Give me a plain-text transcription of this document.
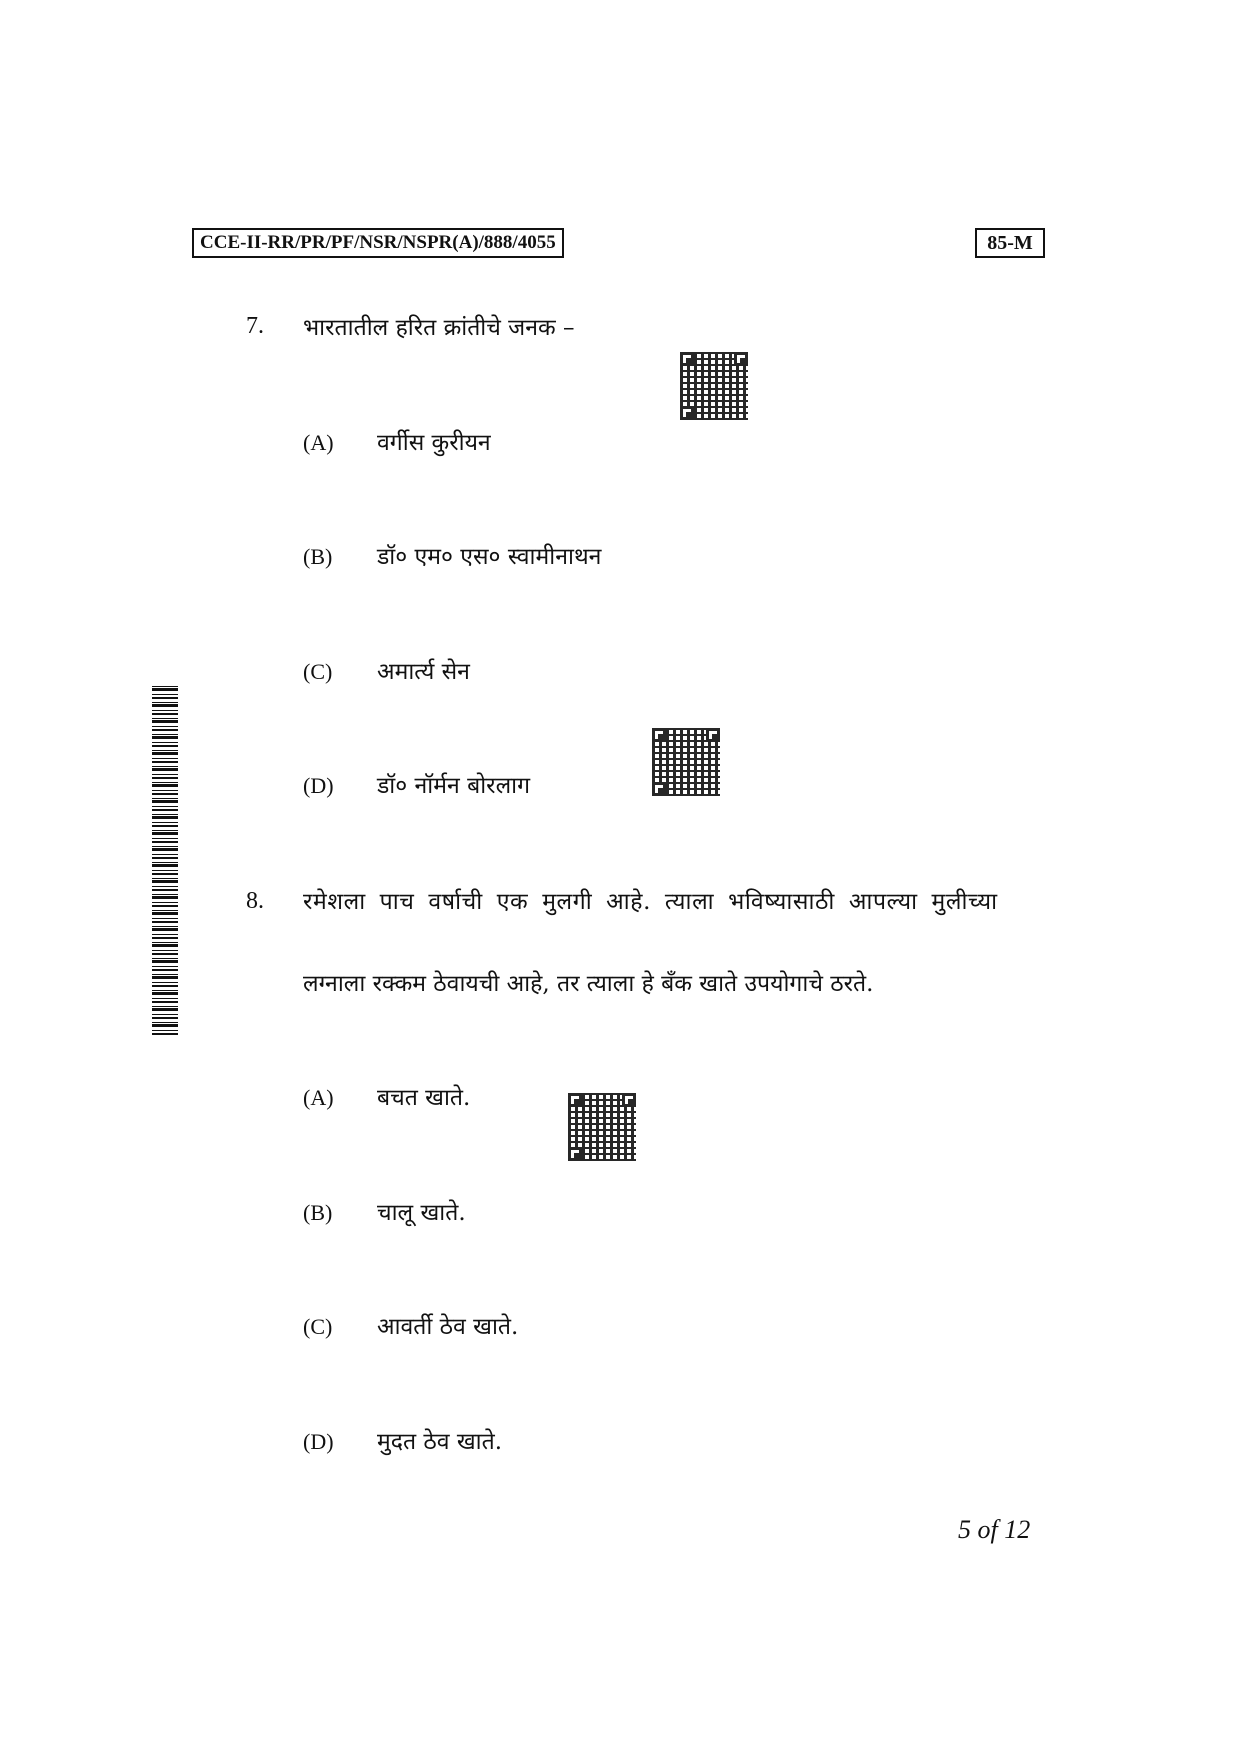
CCE-II-RR/PR/PF/NSR/NSPR(A)/888/4055	85-M
7. भारतातील हरित क्रांतीचे जनक –
(A) वर्गीस कुरीयन
(B) डॉ० एम० एस० स्वामीनाथन
(C) अमार्त्य सेन
(D) डॉ० नॉर्मन बोरलाग
8. रमेशला पाच वर्षाची एक मुलगी आहे. त्याला भविष्यासाठी आपल्या मुलीच्या
लग्नाला रक्कम ठेवायची आहे, तर त्याला हे बँक खाते उपयोगाचे ठरते.
(A) बचत खाते.
(B) चालू खाते.
(C) आवर्ती ठेव खाते.
(D) मुदत ठेव खाते.
5 of 12
